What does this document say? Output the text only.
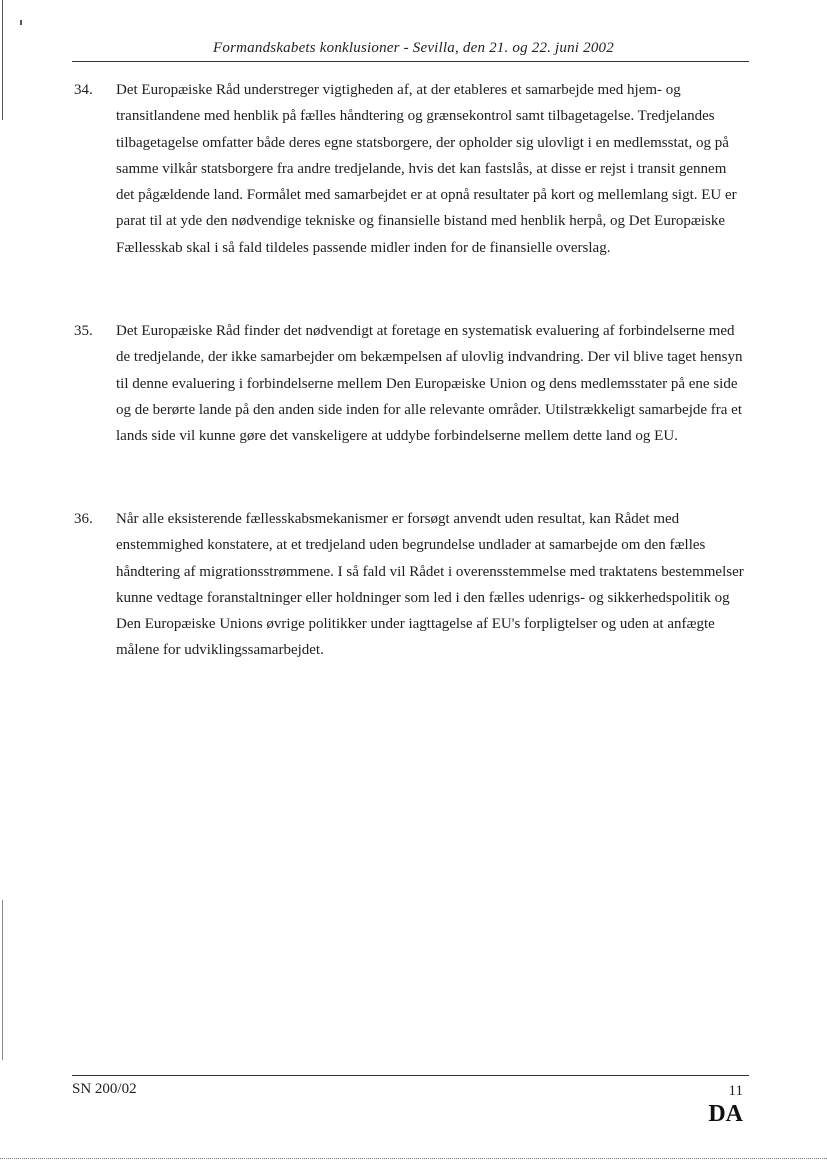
Formandskabets konklusioner - Sevilla, den 21. og 22. juni 2002
34. Det Europæiske Råd understreger vigtigheden af, at der etableres et samarbejde med hjem- og transitlandene med henblik på fælles håndtering og grænsekontrol samt tilbagetagelse. Tredjelandes tilbagetagelse omfatter både deres egne statsborgere, der opholder sig ulovligt i en medlemsstat, og på samme vilkår statsborgere fra andre tredjelande, hvis det kan fastslås, at disse er rejst i transit gennem det pågældende land. Formålet med samarbejdet er at opnå resultater på kort og mellemlang sigt. EU er parat til at yde den nødvendige tekniske og finansielle bistand med henblik herpå, og Det Europæiske Fællesskab skal i så fald tildeles passende midler inden for de finansielle overslag.
35. Det Europæiske Råd finder det nødvendigt at foretage en systematisk evaluering af forbindelserne med de tredjelande, der ikke samarbejder om bekæmpelsen af ulovlig indvandring. Der vil blive taget hensyn til denne evaluering i forbindelserne mellem Den Europæiske Union og dens medlemsstater på ene side og de berørte lande på den anden side inden for alle relevante områder. Utilstrækkeligt samarbejde fra et lands side vil kunne gøre det vanskeligere at uddybe forbindelserne mellem dette land og EU.
36. Når alle eksisterende fællesskabsmekanismer er forsøgt anvendt uden resultat, kan Rådet med enstemmighed konstatere, at et tredjeland uden begrundelse undlader at samarbejde om den fælles håndtering af migrationsstrømmene. I så fald vil Rådet i overensstemmelse med traktatens bestemmelser kunne vedtage foranstaltninger eller holdninger som led i den fælles udenrigs- og sikkerhedspolitik og Den Europæiske Unions øvrige politikker under iagttagelse af EU's forpligtelser og uden at anfægte målene for udviklingssamarbejdet.
SN 200/02	11
DA
